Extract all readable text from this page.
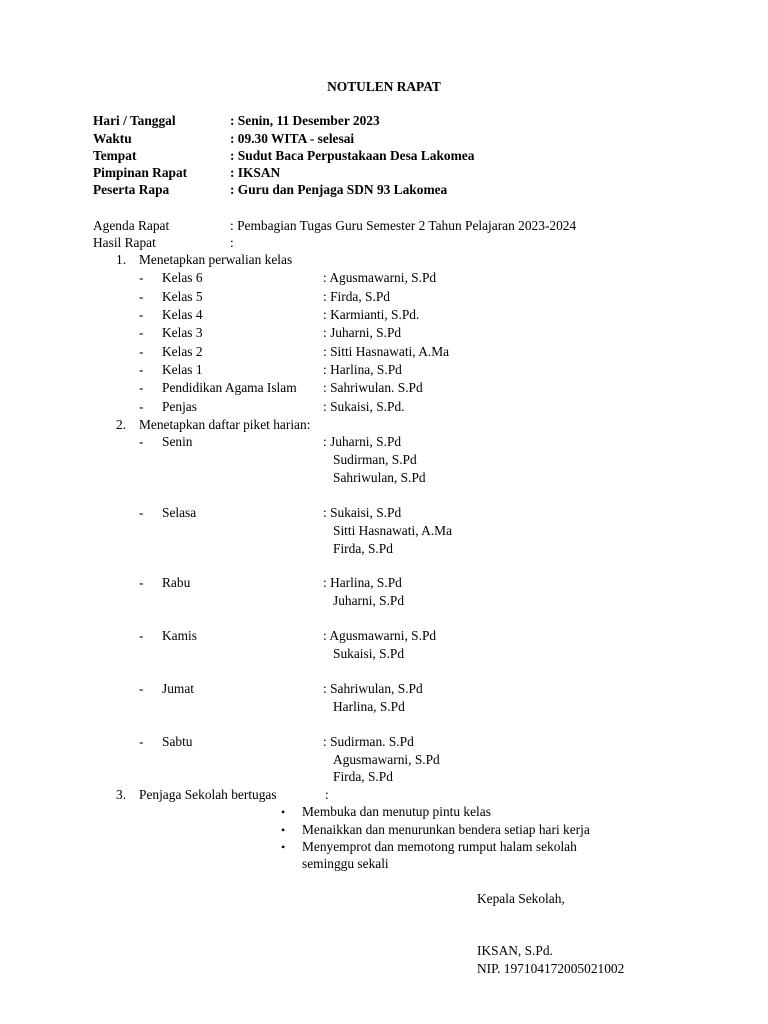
NOTULEN RAPAT
Hari / Tanggal	: Senin, 11 Desember 2023
Waktu	: 09.30 WITA - selesai
Tempat	: Sudut Baca Perpustakaan Desa Lakomea
Pimpinan Rapat	: IKSAN
Peserta Rapa	: Guru dan Penjaga SDN 93 Lakomea
Agenda Rapat	: Pembagian Tugas Guru Semester 2 Tahun Pelajaran 2023-2024
Hasil Rapat	:
1. Menetapkan perwalian kelas
- Kelas 6	: Agusmawarni, S.Pd
- Kelas 5	: Firda, S.Pd
- Kelas 4	: Karmianti, S.Pd.
- Kelas 3	: Juharni, S.Pd
- Kelas 2	: Sitti Hasnawati, A.Ma
- Kelas 1	: Harlina, S.Pd
- Pendidikan Agama Islam : Sahriwulan. S.Pd
- Penjas	: Sukaisi, S.Pd.
2. Menetapkan daftar piket harian:
- Senin	: Juharni, S.Pd
Sudirman, S.Pd
Sahriwulan, S.Pd
- Selasa	: Sukaisi, S.Pd
Sitti Hasnawati, A.Ma
Firda, S.Pd
- Rabu	: Harlina, S.Pd
Juharni, S.Pd
- Kamis	: Agusmawarni, S.Pd
Sukaisi, S.Pd
- Jumat	: Sahriwulan, S.Pd
Harlina, S.Pd
- Sabtu	: Sudirman. S.Pd
Agusmawarni, S.Pd
Firda, S.Pd
3. Penjaga Sekolah bertugas	:
• Membuka dan menutup pintu kelas
• Menaikkan dan menurunkan bendera setiap hari kerja
• Menyemprot dan memotong rumput halam sekolah
seminggu sekali
Kepala Sekolah,
IKSAN, S.Pd.
NIP. 197104172005021002
